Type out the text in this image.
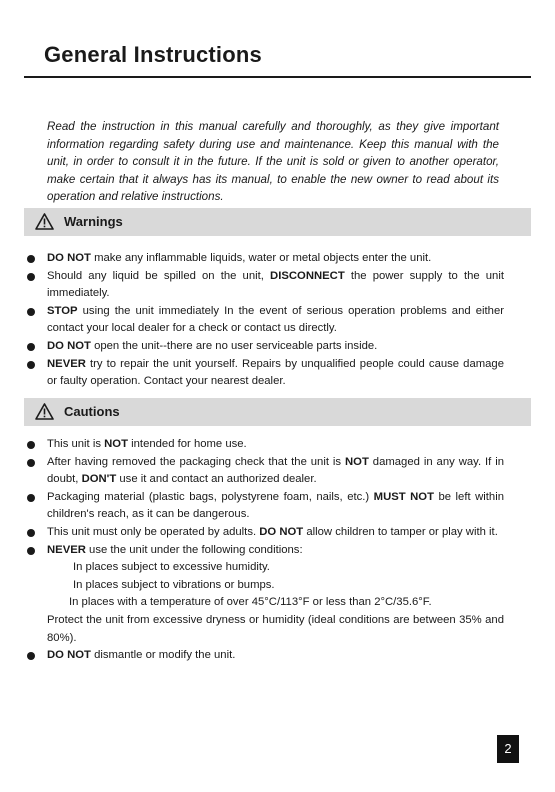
General Instructions

Read the instruction in this manual carefully and thoroughly, as they give important information regarding safety during use and maintenance. Keep this manual with the unit, in order to consult it in the future. If the unit is sold or given to another operator, make certain that it always has its manual, to enable the new owner to read about its operation and relative instructions.

Warnings
DO NOT make any inflammable liquids, water or metal objects enter the unit.
Should any liquid be spilled on the unit, DISCONNECT the power supply to the unit immediately.
STOP using the unit immediately In the event of serious operation problems and either contact your local dealer for a check or contact us directly.
DO NOT open the unit--there are no user serviceable parts inside.
NEVER try to repair the unit yourself. Repairs by unqualified people could cause damage or faulty operation. Contact your nearest dealer.
Cautions
This unit is NOT intended for home use.
After having removed the packaging check that the unit is NOT damaged in any way. If in doubt, DON'T use it and contact an authorized dealer.
Packaging material (plastic bags, polystyrene foam, nails, etc.) MUST NOT be left within children's reach, as it can be dangerous.
This unit must only be operated by adults. DO NOT allow children to tamper or play with it.
NEVER use the unit under the following conditions:
In places subject to excessive humidity.
In places subject to vibrations or bumps.
In places with a temperature of over 45°C/113°F or less than 2°C/35.6°F.
Protect the unit from excessive dryness or humidity (ideal conditions are between 35% and 80%).
DO NOT dismantle or modify the unit.
2
